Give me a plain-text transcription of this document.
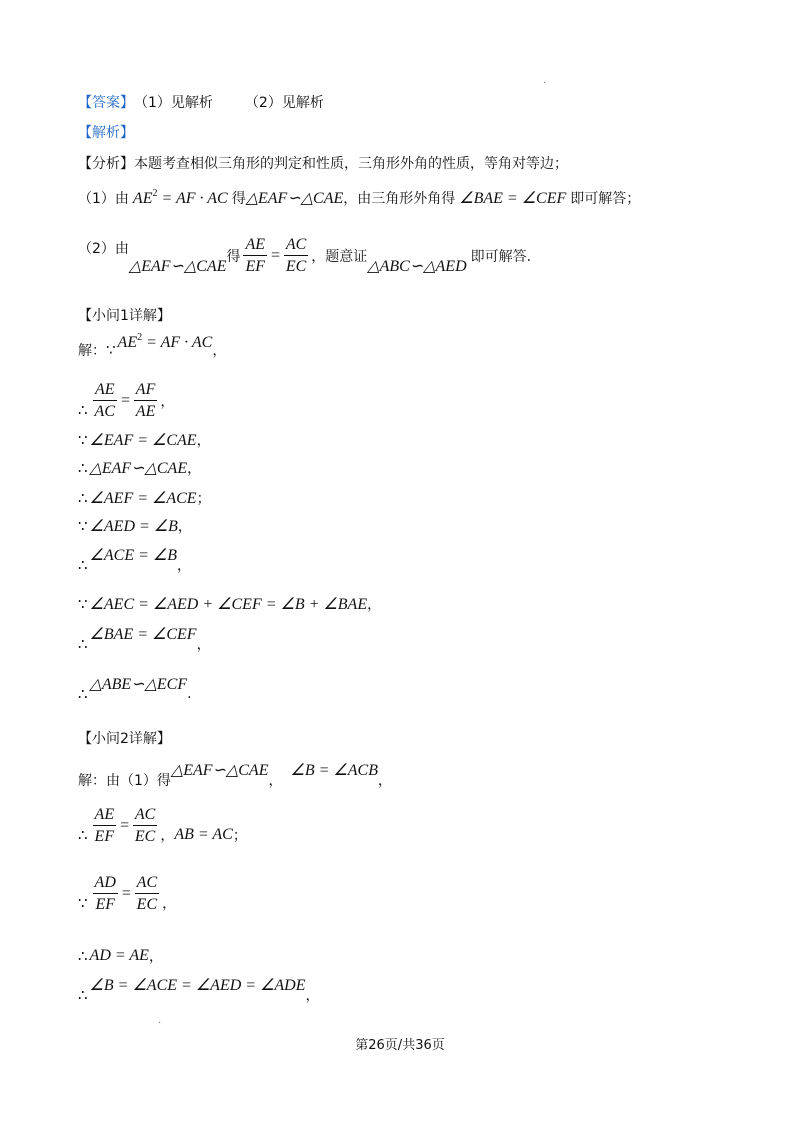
·
【答案】 （1）见解析 （2）见解析
【解析】
【分析】本题考查相似三角形的判定和性质，三角形外角的性质，等角对等边；
（1）由 $AE^2$ = AF · AC 得 △EAF∽△CAE ，由三角形外角得 ∠BAE = ∠CEF 即可解答；
（2）由
△EAF∽△CAE
得 $\frac{AE}{EF} = \frac{AC}{EC}$ ，题意证
△ABC∽△AED
即可解答.
【小问1详解】
解： ∵ $AE^2$ = AF · AC ，
∴ $\frac{AE}{AC} = \frac{AF}{AE}$ ，
∵ ∠EAF = ∠CAE ，
∴ △EAF∽△CAE ，
∴ ∠AEF = ∠ACE ；
∵ ∠AED = ∠B ，
∴
∠ACE = ∠B
，
∵ ∠AEC = ∠AED + ∠CEF = ∠B + ∠BAE ，
∴
∠BAE = ∠CEF
，
∴
△ABE∽△ECF
.
【小问2详解】
解：由（1）得
△EAF∽△CAE
，
∠B = ∠ACB
，
∴ $\frac{AE}{EF} = \frac{AC}{EC}$ ， AB = AC ；
∵ $\frac{AD}{EF} = \frac{AC}{EC}$ ，
∴ AD = AE ，
∴
∠B = ∠ACE = ∠AED = ∠ADE
，
·
第26页/共36页
